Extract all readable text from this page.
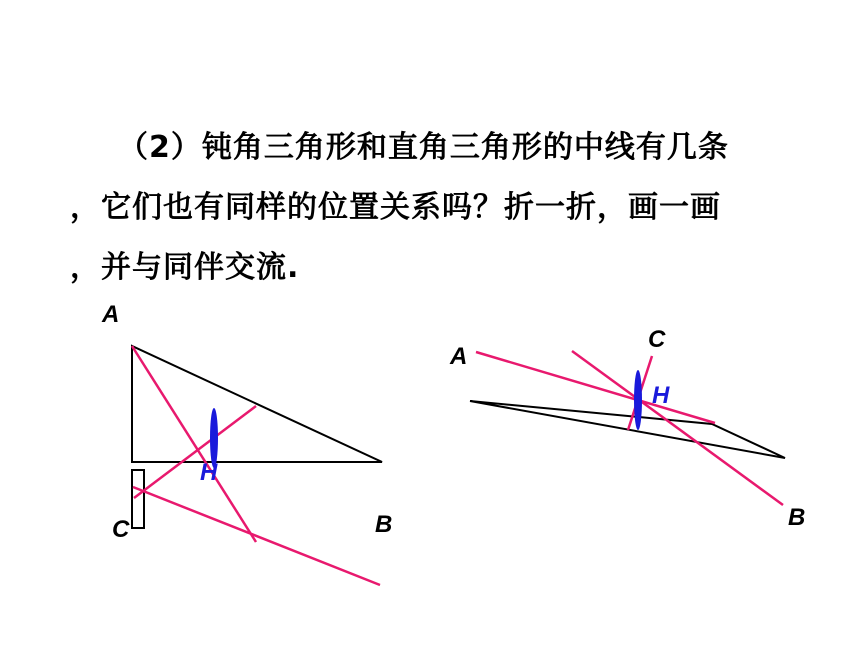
（2）钝角三角形和直角三角形的中线有几条
，它们也有同样的位置关系吗？折一折，画一画
，并与同伴交流.
A
B
C
H
A
B
C
H
